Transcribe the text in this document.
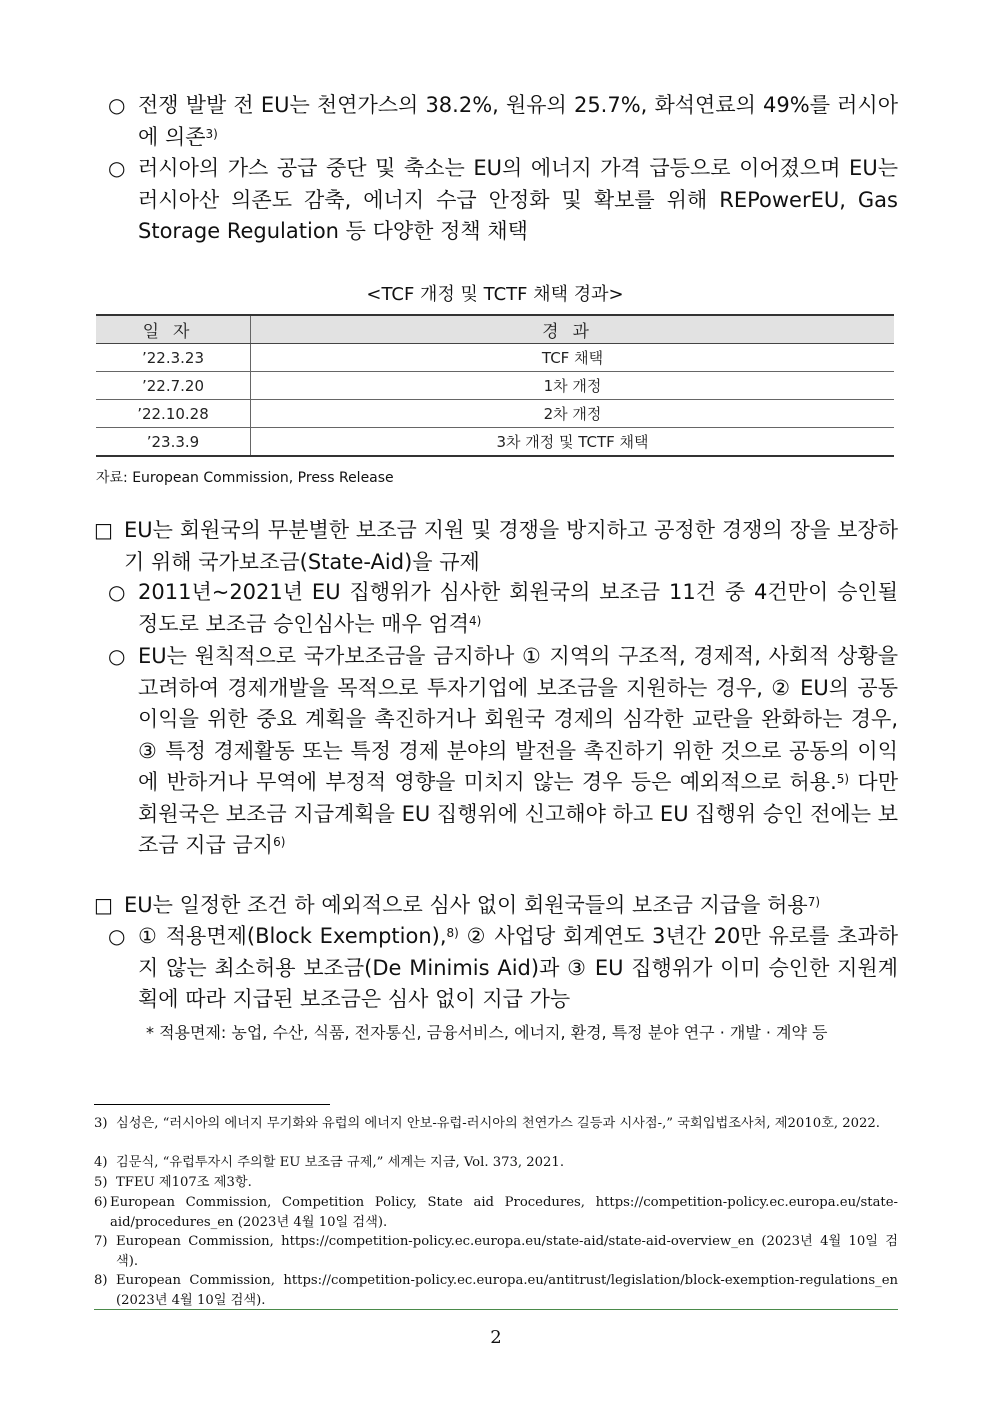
○ 전쟁 발발 전 EU는 천연가스의 38.2%, 원유의 25.7%, 화석연료의 49%를 러시아에 의존$^{3)}$
○ 러시아의 가스 공급 중단 및 축소는 EU의 에너지 가격 급등으로 이어졌으며 EU는 러시아산 의존도 감축, 에너지 수급 안정화 및 확보를 위해 REPowerEU, Gas Storage Regulation 등 다양한 정책 채택
<TCF 개정 및 TCTF 채택 경과>
일자	경과
’22.3.23	TCF 채택
’22.7.20	1차 개정
’22.10.28	2차 개정
’23.3.9	3차 개정 및 TCTF 채택
자료: European Commission, Press Release
□ EU는 회원국의 무분별한 보조금 지원 및 경쟁을 방지하고 공정한 경쟁의 장을 보장하기 위해 국가보조금(State-Aid)을 규제
○ 2011년~2021년 EU 집행위가 심사한 회원국의 보조금 11건 중 4건만이 승인될 정도로 보조금 승인심사는 매우 엄격$^{4)}$
○ EU는 원칙적으로 국가보조금을 금지하나 ① 지역의 구조적, 경제적, 사회적 상황을 고려하여 경제개발을 목적으로 투자기업에 보조금을 지원하는 경우, ② EU의 공동 이익을 위한 중요 계획을 촉진하거나 회원국 경제의 심각한 교란을 완화하는 경우, ③ 특정 경제활동 또는 특정 경제 분야의 발전을 촉진하기 위한 것으로 공동의 이익에 반하거나 무역에 부정적 영향을 미치지 않는 경우 등은 예외적으로 허용.$^{5)}$ 다만 회원국은 보조금 지급계획을 EU 집행위에 신고해야 하고 EU 집행위 승인 전에는 보조금 지급 금지$^{6)}$
□ EU는 일정한 조건 하 예외적으로 심사 없이 회원국들의 보조금 지급을 허용$^{7)}$
○ ① 적용면제(Block Exemption),$^{8)}$ ② 사업당 회계연도 3년간 20만 유로를 초과하지 않는 최소허용 보조금(De Minimis Aid)과 ③ EU 집행위가 이미 승인한 지원계획에 따라 지급된 보조금은 심사 없이 지급 가능
* 적용면제: 농업, 수산, 식품, 전자통신, 금융서비스, 에너지, 환경, 특정 분야 연구 · 개발 · 계약 등
3) 심성은, “러시아의 에너지 무기화와 유럽의 에너지 안보-유럽-러시아의 천연가스 길등과 시사점-,” 국회입법조사처, 제2010호, 2022.
4) 김문식, “유럽투자시 주의할 EU 보조금 규제,” 세계는 지금, Vol. 373, 2021.
5) TFEU 제107조 제3항.
6) European Commission, Competition Policy, State aid Procedures, https://competition-policy.ec.europa.eu/state-aid/procedures_en (2023년 4월 10일 검색).
7) European Commission, https://competition-policy.ec.europa.eu/state-aid/state-aid-overview_en (2023년 4월 10일 검색).
8) European Commission, https://competition-policy.ec.europa.eu/antitrust/legislation/block-exemption-regulations_en (2023년 4월 10일 검색).
2
